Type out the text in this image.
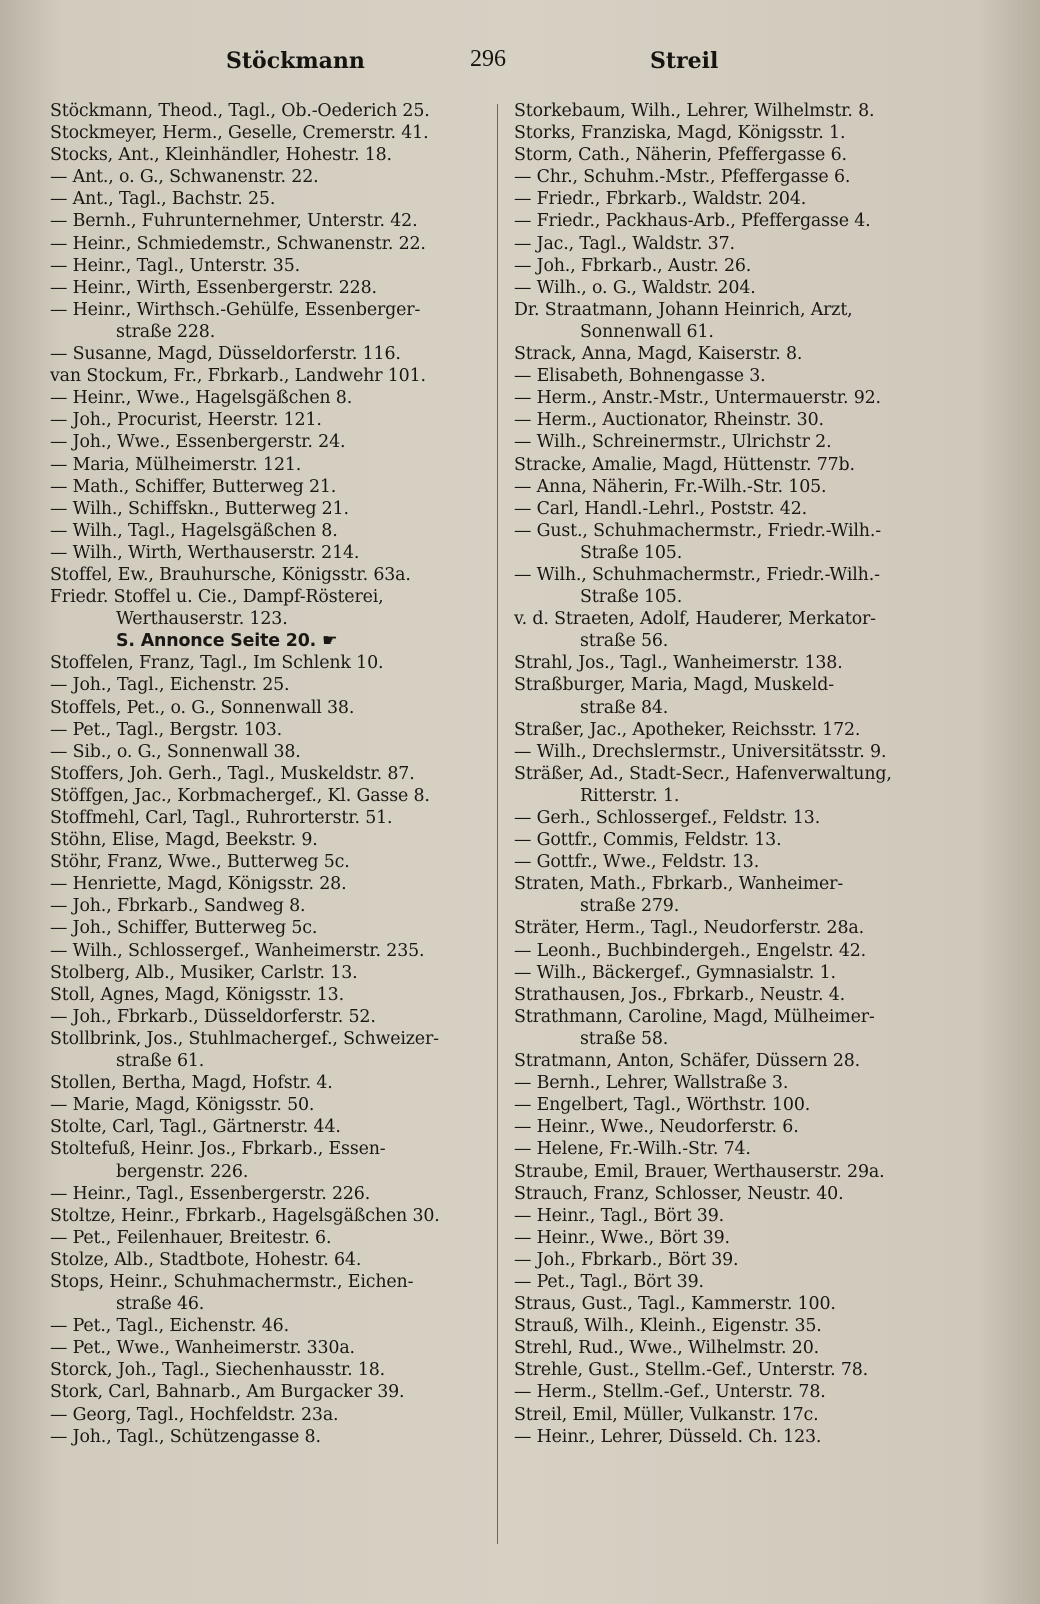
Stöckmann	296	Streil
Stöckmann, Theod., Tagl., Ob.-Oederich 25.
Stockmeyer, Herm., Geselle, Cremerstr. 41.
Stocks, Ant., Kleinhändler, Hohestr. 18.
— Ant., o. G., Schwanenstr. 22.
— Ant., Tagl., Bachstr. 25.
— Bernh., Fuhrunternehmer, Unterstr. 42.
— Heinr., Schmiedemstr., Schwanenstr. 22.
— Heinr., Tagl., Unterstr. 35.
— Heinr., Wirth, Essenbergerstr. 228.
— Heinr., Wirthsch.-Gehülfe, Essenberger-
straße 228.
— Susanne, Magd, Düsseldorferstr. 116.
van Stockum, Fr., Fbrkarb., Landwehr 101.
— Heinr., Wwe., Hagelsgäßchen 8.
— Joh., Procurist, Heerstr. 121.
— Joh., Wwe., Essenbergerstr. 24.
— Maria, Mülheimerstr. 121.
— Math., Schiffer, Butterweg 21.
— Wilh., Schiffskn., Butterweg 21.
— Wilh., Tagl., Hagelsgäßchen 8.
— Wilh., Wirth, Werthauserstr. 214.
Stoffel, Ew., Brauhursche, Königsstr. 63a.
Friedr. Stoffel u. Cie., Dampf-Rösterei,
Werthauserstr. 123.
S. Annonce Seite 20. ☛
Stoffelen, Franz, Tagl., Im Schlenk 10.
— Joh., Tagl., Eichenstr. 25.
Stoffels, Pet., o. G., Sonnenwall 38.
— Pet., Tagl., Bergstr. 103.
— Sib., o. G., Sonnenwall 38.
Stoffers, Joh. Gerh., Tagl., Muskeldstr. 87.
Stöffgen, Jac., Korbmachergef., Kl. Gasse 8.
Stoffmehl, Carl, Tagl., Ruhrorterstr. 51.
Stöhn, Elise, Magd, Beekstr. 9.
Stöhr, Franz, Wwe., Butterweg 5c.
— Henriette, Magd, Königsstr. 28.
— Joh., Fbrkarb., Sandweg 8.
— Joh., Schiffer, Butterweg 5c.
— Wilh., Schlossergef., Wanheimerstr. 235.
Stolberg, Alb., Musiker, Carlstr. 13.
Stoll, Agnes, Magd, Königsstr. 13.
— Joh., Fbrkarb., Düsseldorferstr. 52.
Stollbrink, Jos., Stuhlmachergef., Schweizer-
straße 61.
Stollen, Bertha, Magd, Hofstr. 4.
— Marie, Magd, Königsstr. 50.
Stolte, Carl, Tagl., Gärtnerstr. 44.
Stoltefuß, Heinr. Jos., Fbrkarb., Essen-
bergenstr. 226.
— Heinr., Tagl., Essenbergerstr. 226.
Stoltze, Heinr., Fbrkarb., Hagelsgäßchen 30.
— Pet., Feilenhauer, Breitestr. 6.
Stolze, Alb., Stadtbote, Hohestr. 64.
Stops, Heinr., Schuhmachermstr., Eichen-
straße 46.
— Pet., Tagl., Eichenstr. 46.
— Pet., Wwe., Wanheimerstr. 330a.
Storck, Joh., Tagl., Siechenhausstr. 18.
Stork, Carl, Bahnarb., Am Burgacker 39.
— Georg, Tagl., Hochfeldstr. 23a.
— Joh., Tagl., Schützengasse 8.
Storkebaum, Wilh., Lehrer, Wilhelmstr. 8.
Storks, Franziska, Magd, Königsstr. 1.
Storm, Cath., Näherin, Pfeffergasse 6.
— Chr., Schuhm.-Mstr., Pfeffergasse 6.
— Friedr., Fbrkarb., Waldstr. 204.
— Friedr., Packhaus-Arb., Pfeffergasse 4.
— Jac., Tagl., Waldstr. 37.
— Joh., Fbrkarb., Austr. 26.
— Wilh., o. G., Waldstr. 204.
Dr. Straatmann, Johann Heinrich, Arzt,
Sonnenwall 61.
Strack, Anna, Magd, Kaiserstr. 8.
— Elisabeth, Bohnengasse 3.
— Herm., Anstr.-Mstr., Untermauerstr. 92.
— Herm., Auctionator, Rheinstr. 30.
— Wilh., Schreinermstr., Ulrichstr 2.
Stracke, Amalie, Magd, Hüttenstr. 77b.
— Anna, Näherin, Fr.-Wilh.-Str. 105.
— Carl, Handl.-Lehrl., Poststr. 42.
— Gust., Schuhmachermstr., Friedr.-Wilh.-
Straße 105.
— Wilh., Schuhmachermstr., Friedr.-Wilh.-
Straße 105.
v. d. Straeten, Adolf, Hauderer, Merkator-
straße 56.
Strahl, Jos., Tagl., Wanheimerstr. 138.
Straßburger, Maria, Magd, Muskeld-
straße 84.
Straßer, Jac., Apotheker, Reichsstr. 172.
— Wilh., Drechslermstr., Universitätsstr. 9.
Sträßer, Ad., Stadt-Secr., Hafenverwaltung,
Ritterstr. 1.
— Gerh., Schlossergef., Feldstr. 13.
— Gottfr., Commis, Feldstr. 13.
— Gottfr., Wwe., Feldstr. 13.
Straten, Math., Fbrkarb., Wanheimer-
straße 279.
Sträter, Herm., Tagl., Neudorferstr. 28a.
— Leonh., Buchbindergeh., Engelstr. 42.
— Wilh., Bäckergef., Gymnasialstr. 1.
Strathausen, Jos., Fbrkarb., Neustr. 4.
Strathmann, Caroline, Magd, Mülheimer-
straße 58.
Stratmann, Anton, Schäfer, Düssern 28.
— Bernh., Lehrer, Wallstraße 3.
— Engelbert, Tagl., Wörthstr. 100.
— Heinr., Wwe., Neudorferstr. 6.
— Helene, Fr.-Wilh.-Str. 74.
Straube, Emil, Brauer, Werthauserstr. 29a.
Strauch, Franz, Schlosser, Neustr. 40.
— Heinr., Tagl., Bört 39.
— Heinr., Wwe., Bört 39.
— Joh., Fbrkarb., Bört 39.
— Pet., Tagl., Bört 39.
Straus, Gust., Tagl., Kammerstr. 100.
Strauß, Wilh., Kleinh., Eigenstr. 35.
Strehl, Rud., Wwe., Wilhelmstr. 20.
Strehle, Gust., Stellm.-Gef., Unterstr. 78.
— Herm., Stellm.-Gef., Unterstr. 78.
Streil, Emil, Müller, Vulkanstr. 17c.
— Heinr., Lehrer, Düsseld. Ch. 123.
